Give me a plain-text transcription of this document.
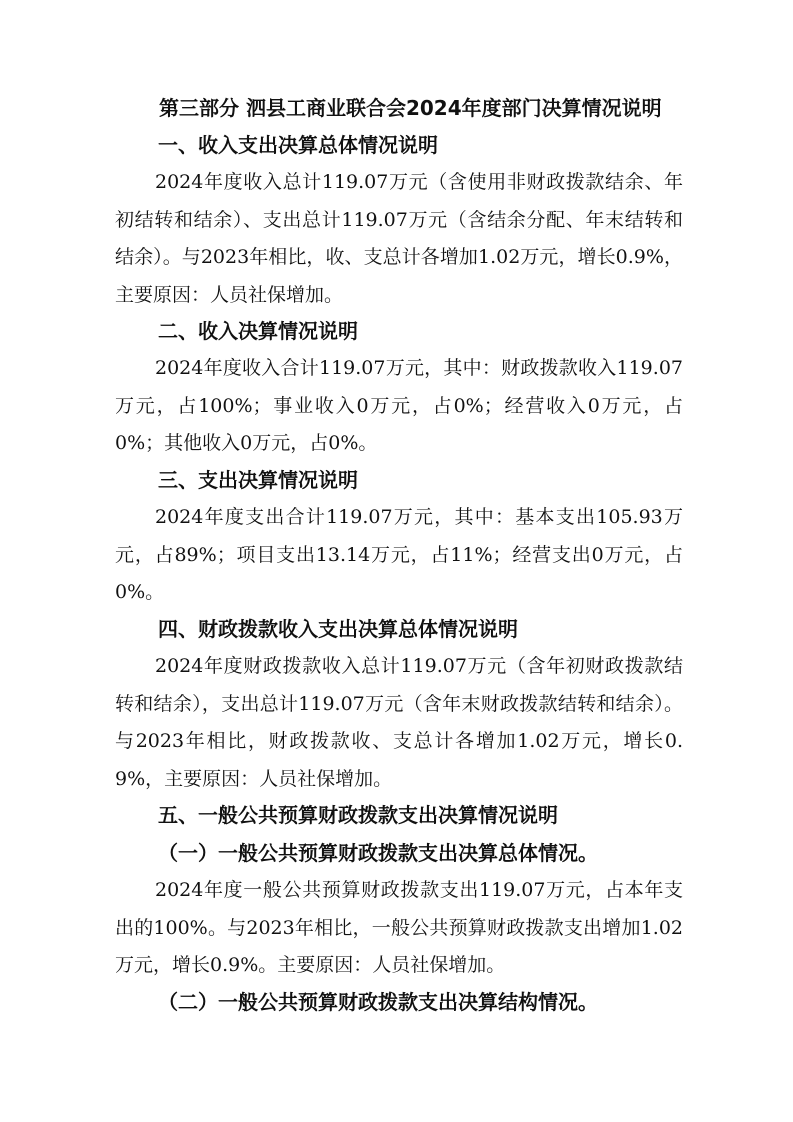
第三部分 泗县工商业联合会2024年度部门决算情况说明
一、收入支出决算总体情况说明

2024年度收入总计119.07万元（含使用非财政拨款结余、年初结转和结余）、支出总计119.07万元（含结余分配、年末结转和结余）。与2023年相比，收、支总计各增加1.02万元，增长0.9%，主要原因：人员社保增加。

二、收入决算情况说明

2024年度收入合计119.07万元，其中：财政拨款收入119.07万元，占100%；事业收入0万元，占0%；经营收入0万元，占0%；其他收入0万元，占0%。

三、支出决算情况说明

2024年度支出合计119.07万元，其中：基本支出105.93万元，占89%；项目支出13.14万元，占11%；经营支出0万元，占0%。

四、财政拨款收入支出决算总体情况说明

2024年度财政拨款收入总计119.07万元（含年初财政拨款结转和结余），支出总计119.07万元（含年末财政拨款结转和结余）。与2023年相比，财政拨款收、支总计各增加1.02万元，增长0.9%，主要原因：人员社保增加。

五、一般公共预算财政拨款支出决算情况说明
（一）一般公共预算财政拨款支出决算总体情况。

2024年度一般公共预算财政拨款支出119.07万元，占本年支出的100%。与2023年相比，一般公共预算财政拨款支出增加1.02万元，增长0.9%。主要原因：人员社保增加。

（二）一般公共预算财政拨款支出决算结构情况。
